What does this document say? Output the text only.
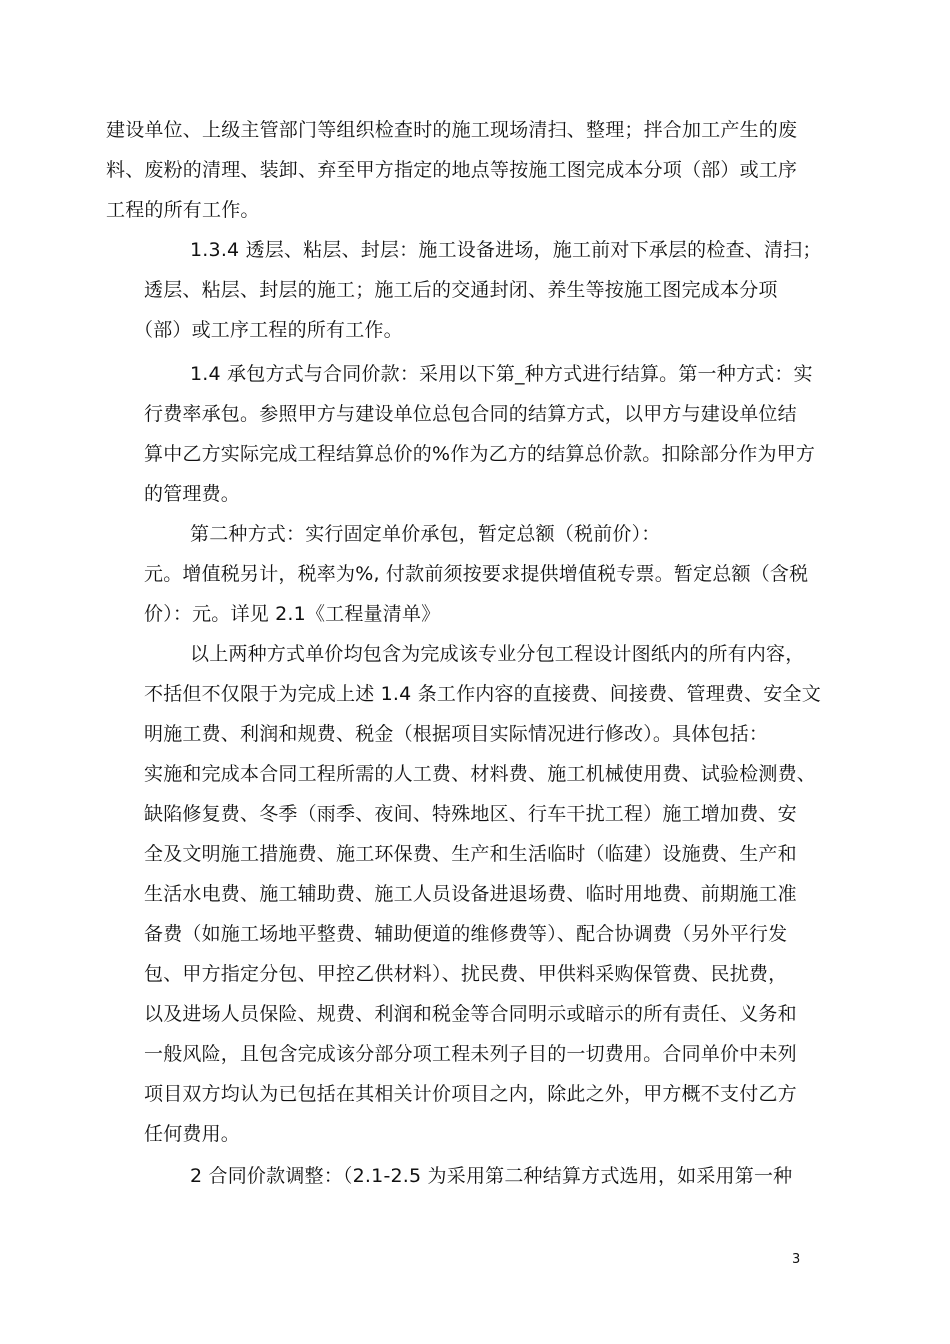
建设单位、上级主管部门等组织检查时的施工现场清扫、整理；拌合加工产生的废
料、废粉的清理、装卸、弃至甲方指定的地点等按施工图完成本分项（部）或工序
工程的所有工作。
1.3.4 透层、粘层、封层：施工设备进场，施工前对下承层的检查、清扫；
透层、粘层、封层的施工；施工后的交通封闭、养生等按施工图完成本分项
（部）或工序工程的所有工作。
1.4 承包方式与合同价款：采用以下第_种方式进行结算。第一种方式：实
行费率承包。参照甲方与建设单位总包合同的结算方式，以甲方与建设单位结
算中乙方实际完成工程结算总价的%作为乙方的结算总价款。扣除部分作为甲方
的管理费。
第二种方式：实行固定单价承包，暂定总额（税前价）：
元。增值税另计，税率为%, 付款前须按要求提供增值税专票。暂定总额（含税
价）：元。详见 2.1《工程量清单》
以上两种方式单价均包含为完成该专业分包工程设计图纸内的所有内容，
不括但不仅限于为完成上述 1.4 条工作内容的直接费、间接费、管理费、安全文
明施工费、利润和规费、税金（根据项目实际情况进行修改）。具体包括：
实施和完成本合同工程所需的人工费、材料费、施工机械使用费、试验检测费、
缺陷修复费、冬季（雨季、夜间、特殊地区、行车干扰工程）施工增加费、安
全及文明施工措施费、施工环保费、生产和生活临时（临建）设施费、生产和
生活水电费、施工辅助费、施工人员设备进退场费、临时用地费、前期施工准
备费（如施工场地平整费、辅助便道的维修费等）、配合协调费（另外平行发
包、甲方指定分包、甲控乙供材料）、扰民费、甲供料采购保管费、民扰费，
以及进场人员保险、规费、利润和税金等合同明示或暗示的所有责任、义务和
一般风险，且包含完成该分部分项工程未列子目的一切费用。合同单价中未列
项目双方均认为已包括在其相关计价项目之内，除此之外，甲方概不支付乙方
任何费用。
2 合同价款调整：（2.1-2.5 为采用第二种结算方式选用，如采用第一种
3
